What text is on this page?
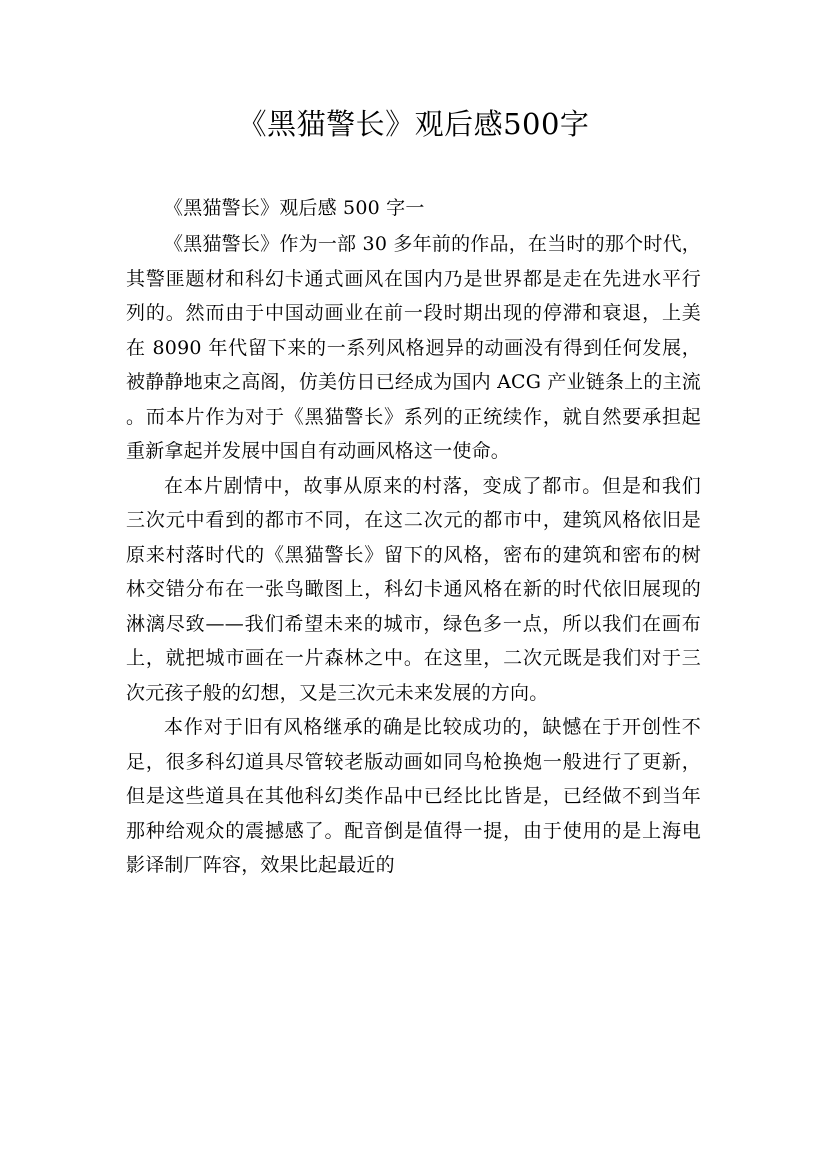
《黑猫警长》观后感500字

《黑猫警长》观后感 500 字一

《黑猫警长》作为一部 30 多年前的作品，在当时的那个时代，其警匪题材和科幻卡通式画风在国内乃是世界都是走在先进水平行列的。然而由于中国动画业在前一段时期出现的停滞和衰退，上美在 8090 年代留下来的一系列风格迥异的动画没有得到任何发展，被静静地束之高阁，仿美仿日已经成为国内 ACG 产业链条上的主流。而本片作为对于《黑猫警长》系列的正统续作，就自然要承担起重新拿起并发展中国自有动画风格这一使命。

在本片剧情中，故事从原来的村落，变成了都市。但是和我们三次元中看到的都市不同，在这二次元的都市中，建筑风格依旧是原来村落时代的《黑猫警长》留下的风格，密布的建筑和密布的树林交错分布在一张鸟瞰图上，科幻卡通风格在新的时代依旧展现的淋漓尽致——我们希望未来的城市，绿色多一点，所以我们在画布上，就把城市画在一片森林之中。在这里，二次元既是我们对于三次元孩子般的幻想，又是三次元未来发展的方向。

本作对于旧有风格继承的确是比较成功的，缺憾在于开创性不足，很多科幻道具尽管较老版动画如同鸟枪换炮一般进行了更新，但是这些道具在其他科幻类作品中已经比比皆是，已经做不到当年那种给观众的震撼感了。配音倒是值得一提，由于使用的是上海电影译制厂阵容，效果比起最近的
